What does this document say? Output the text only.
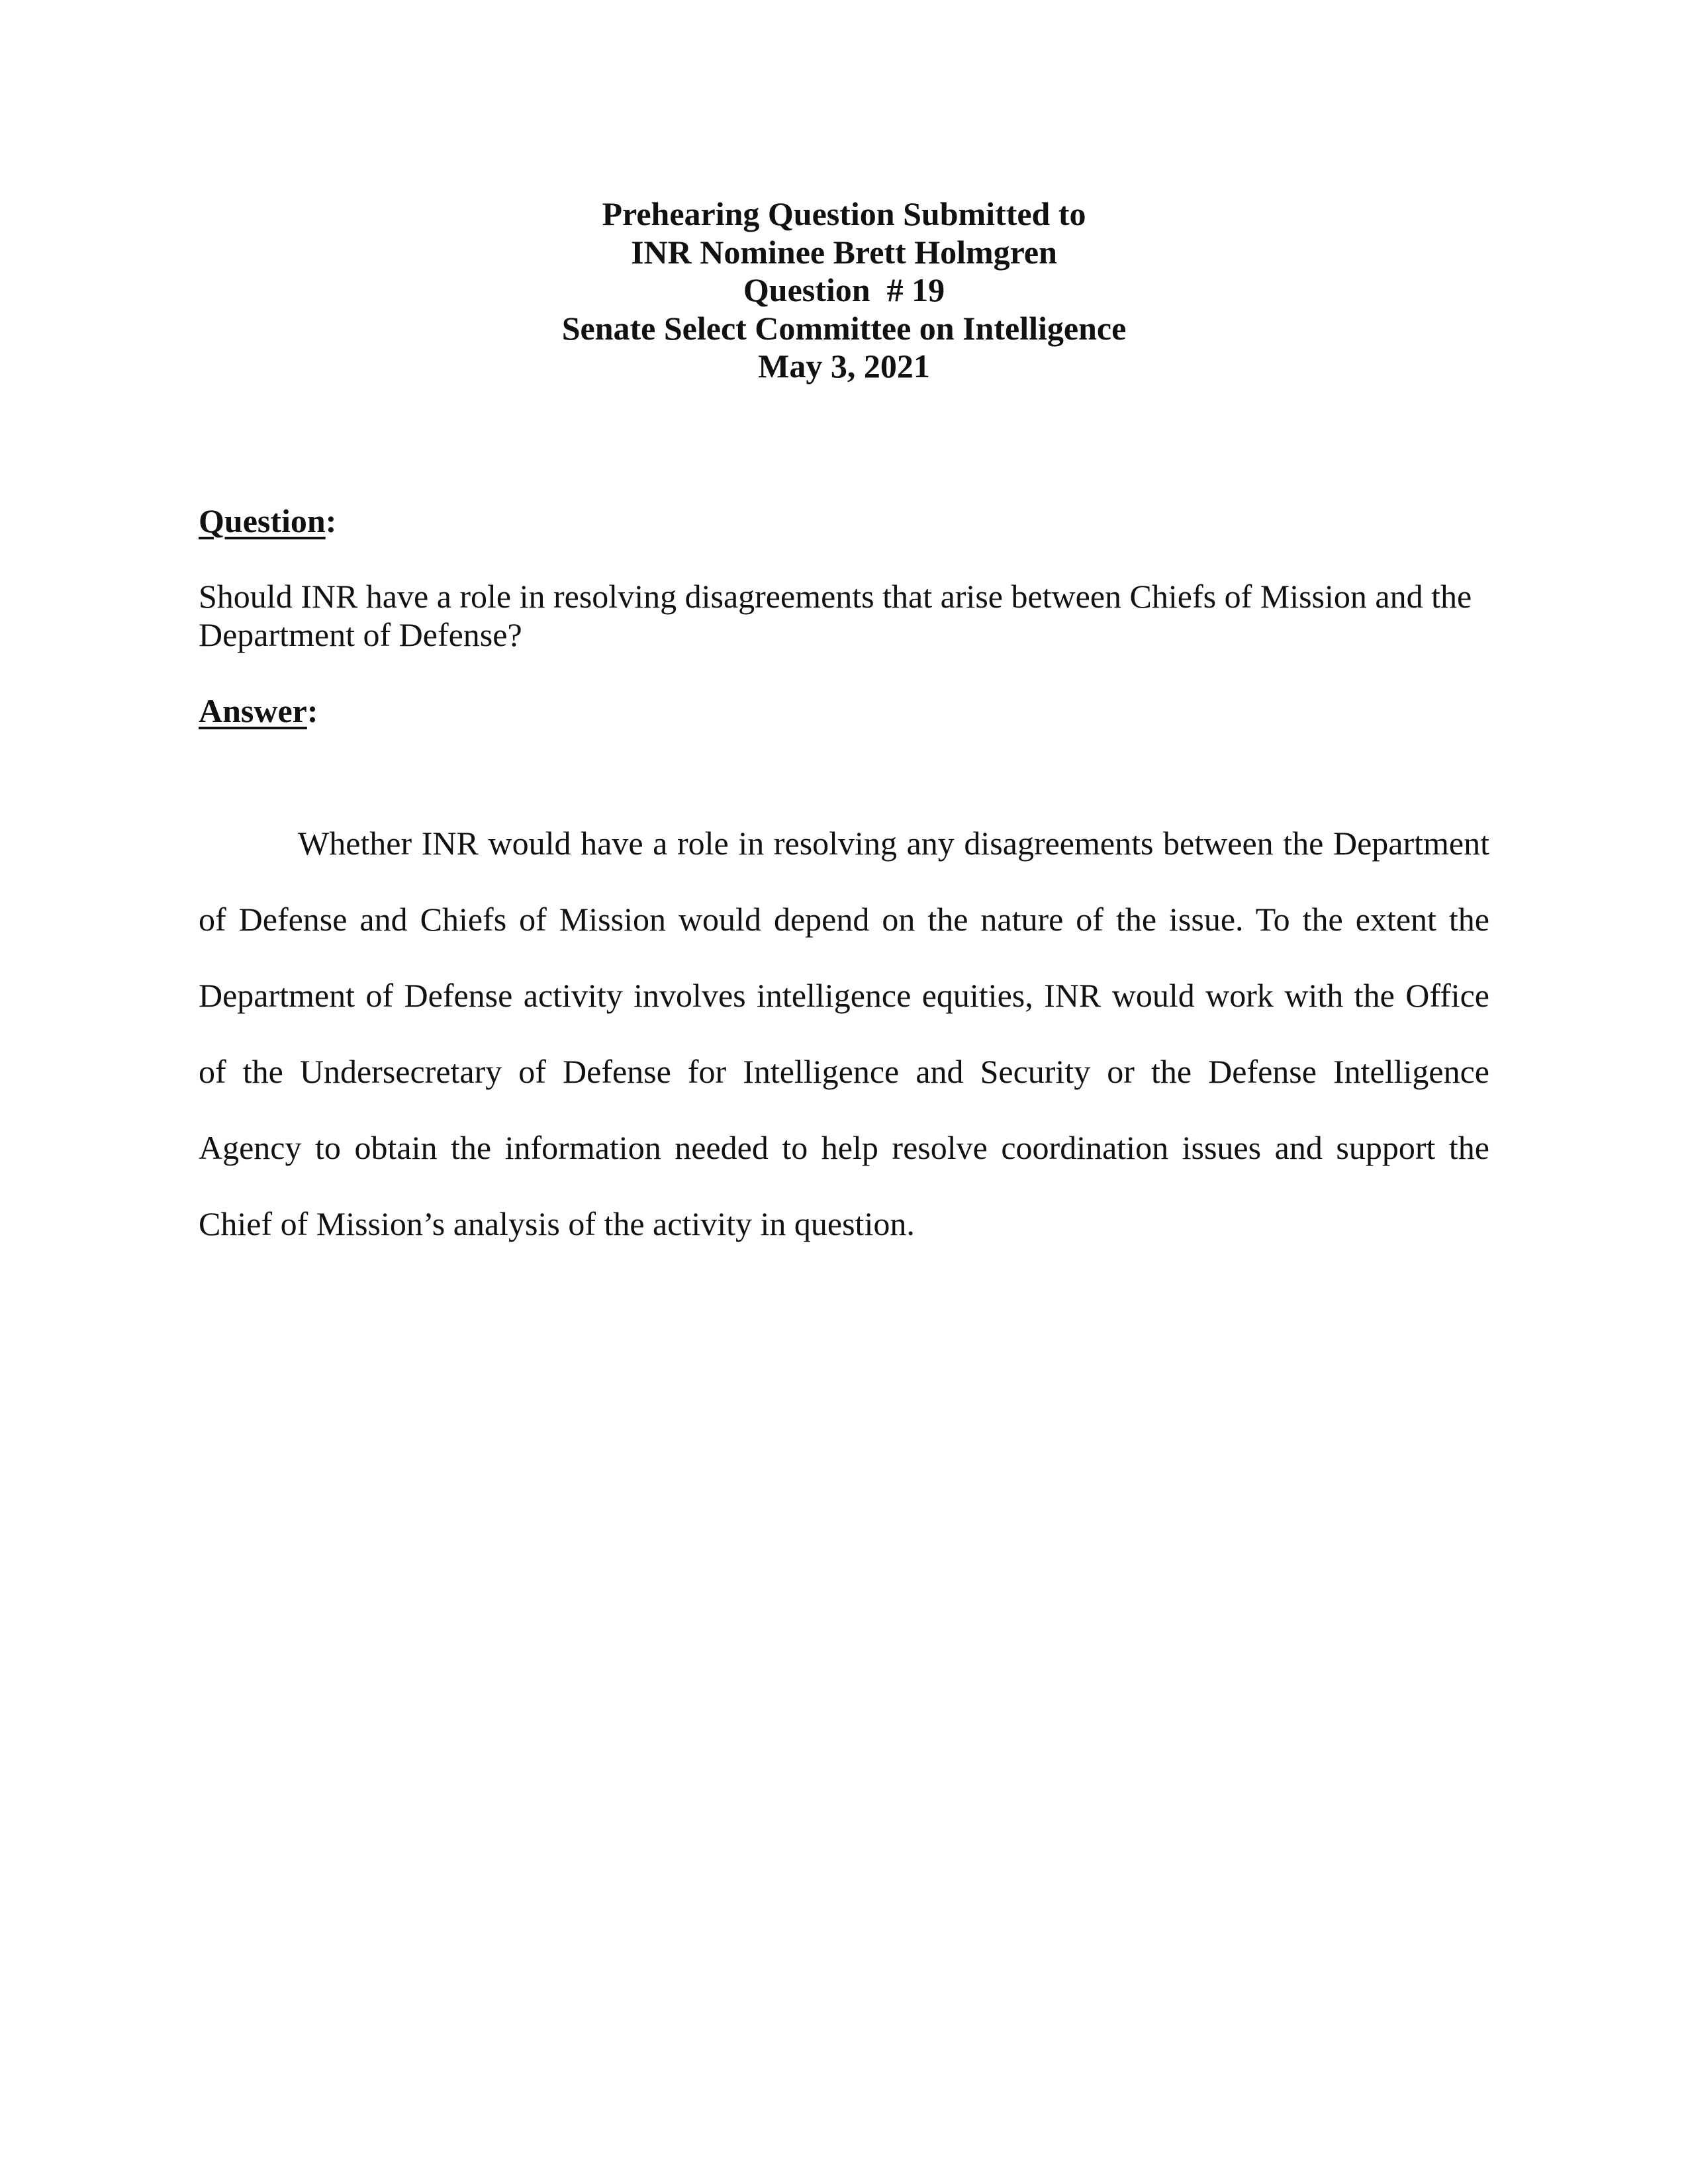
Prehearing Question Submitted to
INR Nominee Brett Holmgren
Question  # 19
Senate Select Committee on Intelligence
May 3, 2021
Question:
Should INR have a role in resolving disagreements that arise between Chiefs of Mission and the Department of Defense?
Answer:
Whether INR would have a role in resolving any disagreements between the Department of Defense and Chiefs of Mission would depend on the nature of the issue. To the extent the Department of Defense activity involves intelligence equities, INR would work with the Office of the Undersecretary of Defense for Intelligence and Security or the Defense Intelligence Agency to obtain the information needed to help resolve coordination issues and support the Chief of Mission’s analysis of the activity in question.
